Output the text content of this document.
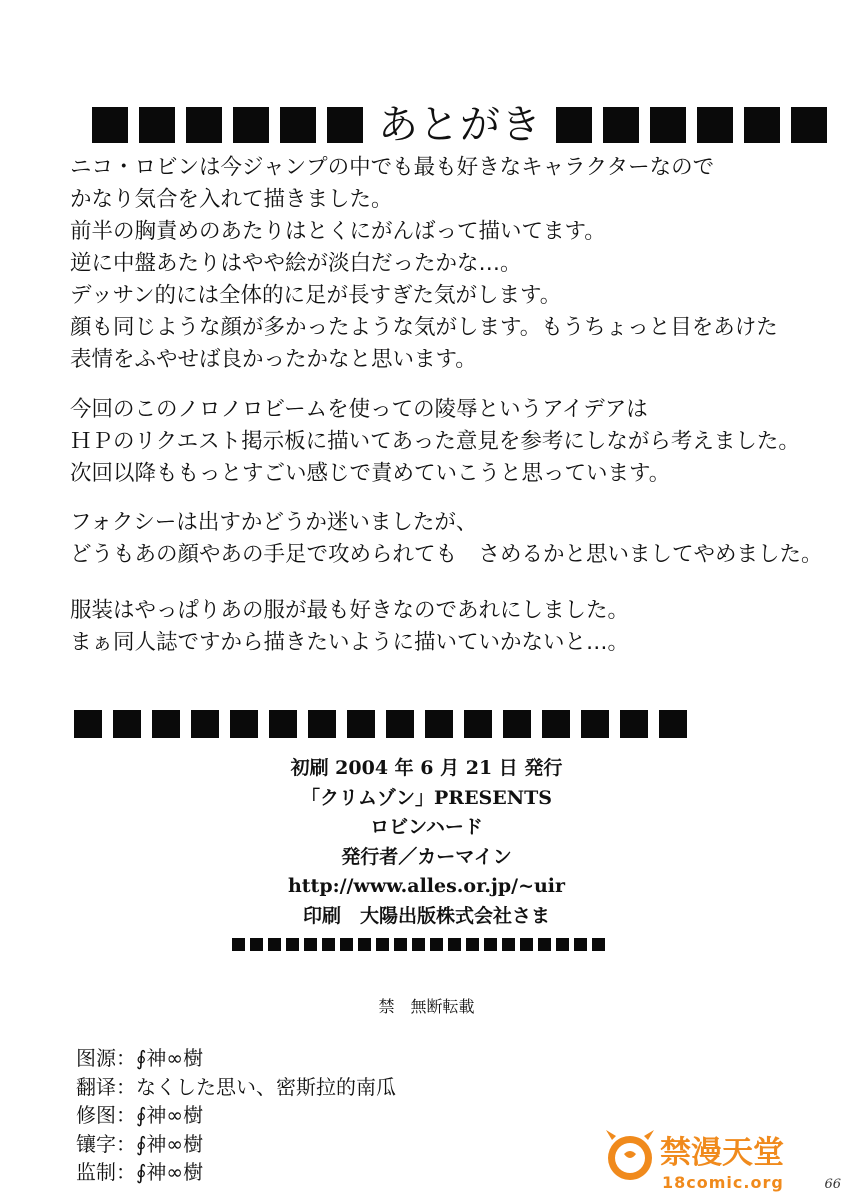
あとがき
ニコ・ロビンは今ジャンプの中でも最も好きなキャラクターなので
かなり気合を入れて描きました。
前半の胸責めのあたりはとくにがんばって描いてます。
逆に中盤あたりはやや絵が淡白だったかな…。
デッサン的には全体的に足が長すぎた気がします。
顔も同じような顔が多かったような気がします。もうちょっと目をあけた
表情をふやせば良かったかなと思います。
今回のこのノロノロビームを使っての陵辱というアイデアは
ＨＰのリクエスト掲示板に描いてあった意見を参考にしながら考えました。
次回以降ももっとすごい感じで責めていこうと思っています。
フォクシーは出すかどうか迷いましたが、
どうもあの顔やあの手足で攻められても　さめるかと思いましてやめました。
服装はやっぱりあの服が最も好きなのであれにしました。
まぁ同人誌ですから描きたいように描いていかないと…。
初刷 2004 年 6 月 21 日 発行
「クリムゾン」PRESENTS
ロビンハード
発行者／カーマイン
http://www.alles.or.jp/~uir
印刷　大陽出版株式会社さま
禁　無断転載
图源：∮神∞樹
翻译：なくした思い、密斯拉的南瓜
修图：∮神∞樹
镶字：∮神∞樹
监制：∮神∞樹
禁漫天堂
18comic.org	66
